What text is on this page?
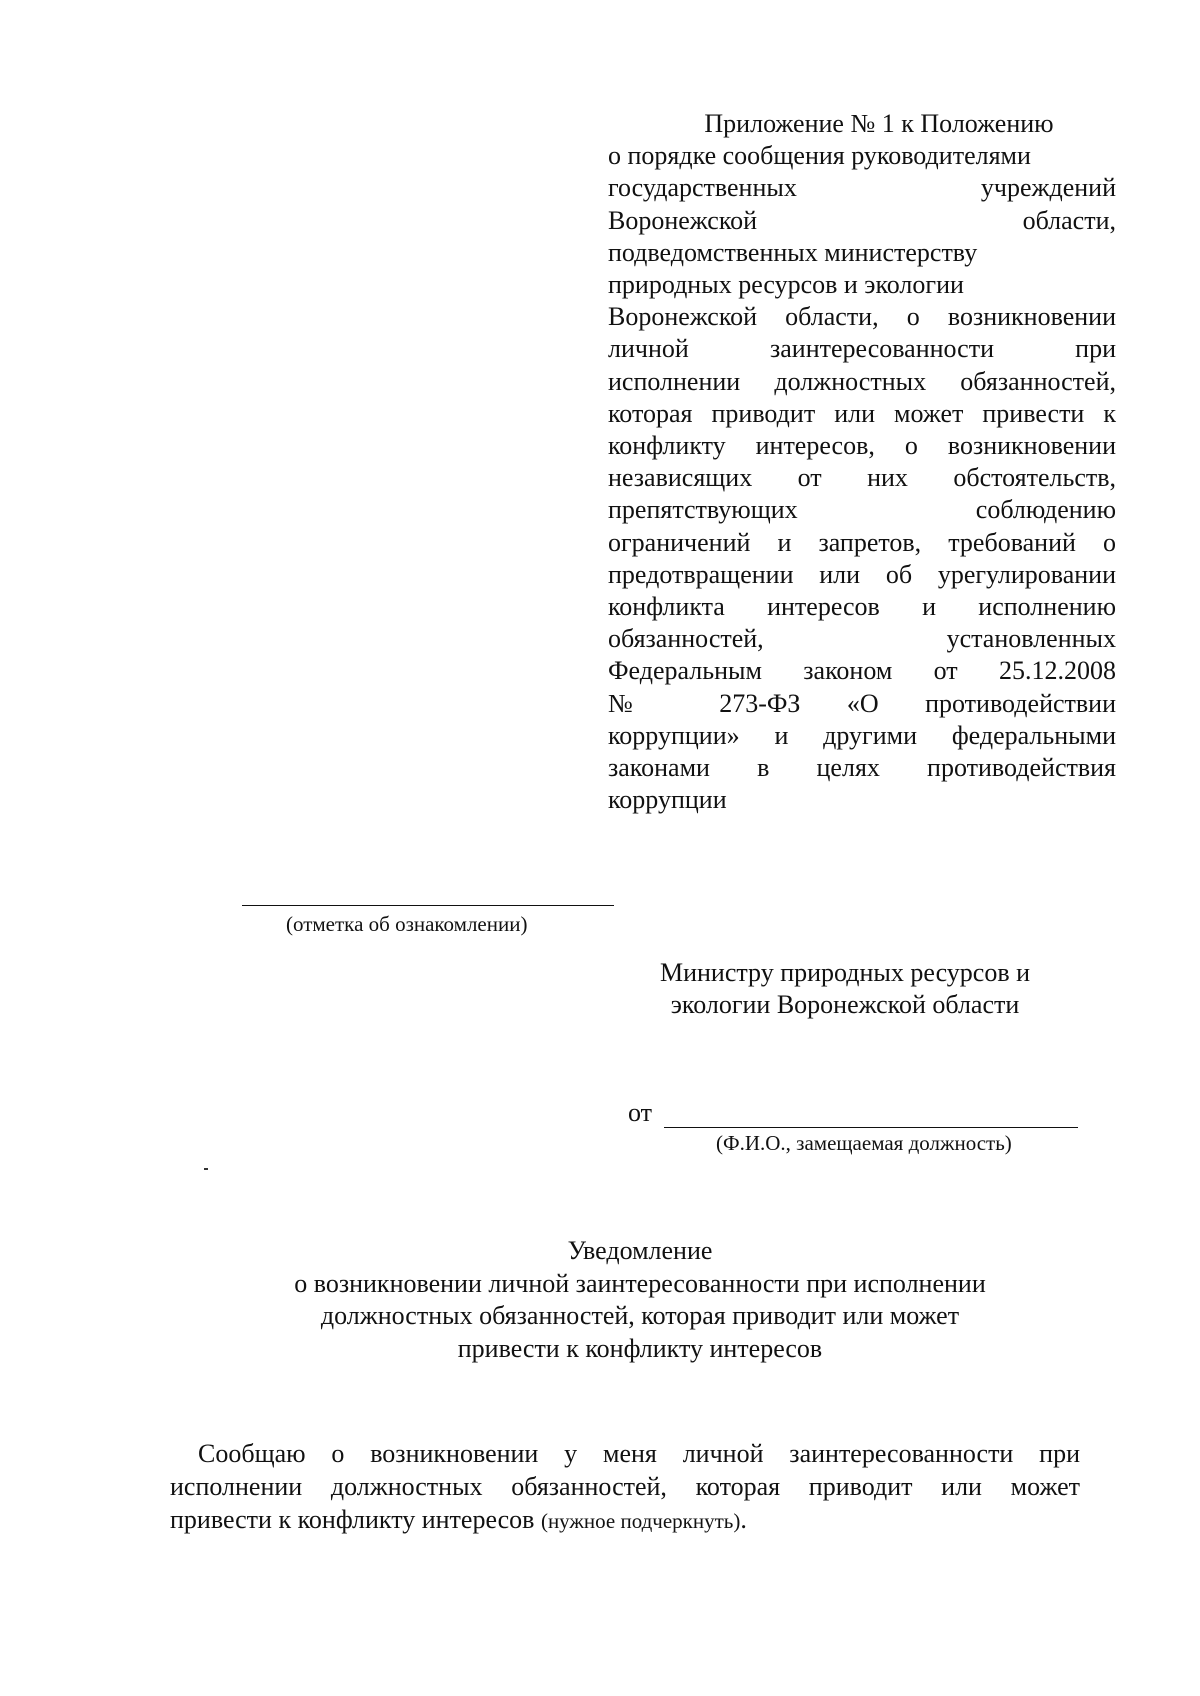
Приложение № 1 к Положению
о порядке сообщения руководителями
государственных учреждений
Воронежской области,
подведомственных министерству
природных ресурсов и экологии
Воронежской области, о возникновении
личной заинтересованности при
исполнении должностных обязанностей,
которая приводит или может привести к
конфликту интересов, о возникновении
независящих от них обстоятельств,
препятствующих соблюдению
ограничений и запретов, требований о
предотвращении или об урегулировании
конфликта интересов и исполнению
обязанностей, установленных
Федеральным законом от 25.12.2008
№ 273-ФЗ «О противодействии
коррупции» и другими федеральными
законами в целях противодействия
коррупции
(отметка об ознакомлении)
Министру природных ресурсов и
экологии Воронежской области
от
(Ф.И.О., замещаемая должность)
Уведомление
о возникновении личной заинтересованности при исполнении
должностных обязанностей, которая приводит или может
привести к конфликту интересов
Сообщаю о возникновении у меня личной заинтересованности при
исполнении должностных обязанностей, которая приводит или может
привести к конфликту интересов (нужное подчеркнуть).
